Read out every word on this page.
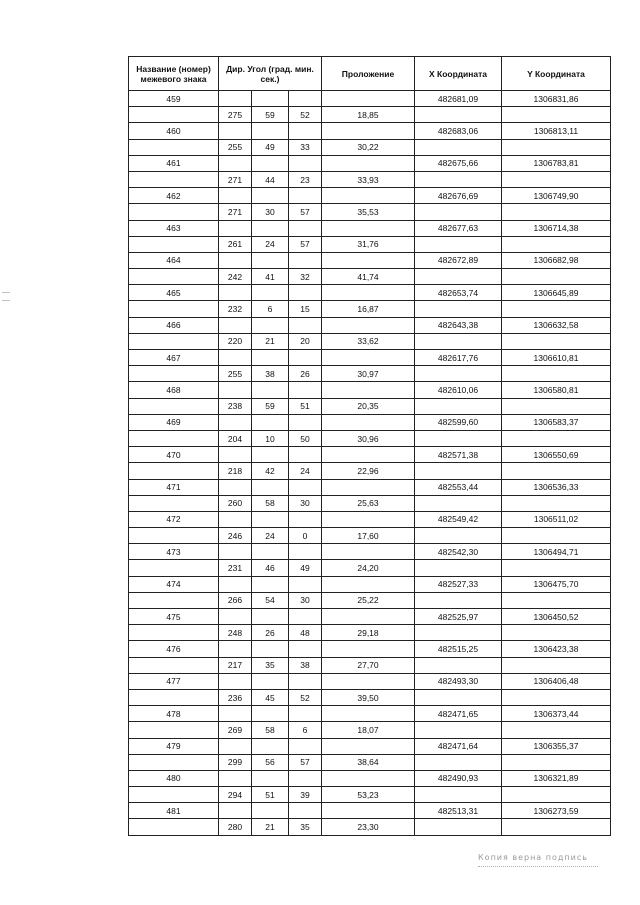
Название (номер) межевого знака	Дир. Угол (град. мин. сек.)			Проложение	X Координата	Y Координата
459					482681,09	1306831,86
	275	59	52	18,85		
460					482683,06	1306813,11
	255	49	33	30,22		
461					482675,66	1306783,81
	271	44	23	33,93		
462					482676,69	1306749,90
	271	30	57	35,53		
463					482677,63	1306714,38
	261	24	57	31,76		
464					482672,89	1306682,98
	242	41	32	41,74		
465					482653,74	1306645,89
	232	6	15	16,87		
466					482643,38	1306632,58
	220	21	20	33,62		
467					482617,76	1306610,81
	255	38	26	30,97		
468					482610,06	1306580,81
	238	59	51	20,35		
469					482599,60	1306583,37
	204	10	50	30,96		
470					482571,38	1306550,69
	218	42	24	22,96		
471					482553,44	1306536,33
	260	58	30	25,63		
472					482549,42	1306511,02
	246	24	0	17,60		
473					482542,30	1306494,71
	231	46	49	24,20		
474					482527,33	1306475,70
	266	54	30	25,22		
475					482525,97	1306450,52
	248	26	48	29,18		
476					482515,25	1306423,38
	217	35	38	27,70		
477					482493,30	1306406,48
	236	45	52	39,50		
478					482471,65	1306373,44
	269	58	6	18,07		
479					482471,64	1306355,37
	299	56	57	38,64		
480					482490,93	1306321,89
	294	51	39	53,23		
481					482513,31	1306273,59
	280	21	35	23,30		
Копия верна подпись
